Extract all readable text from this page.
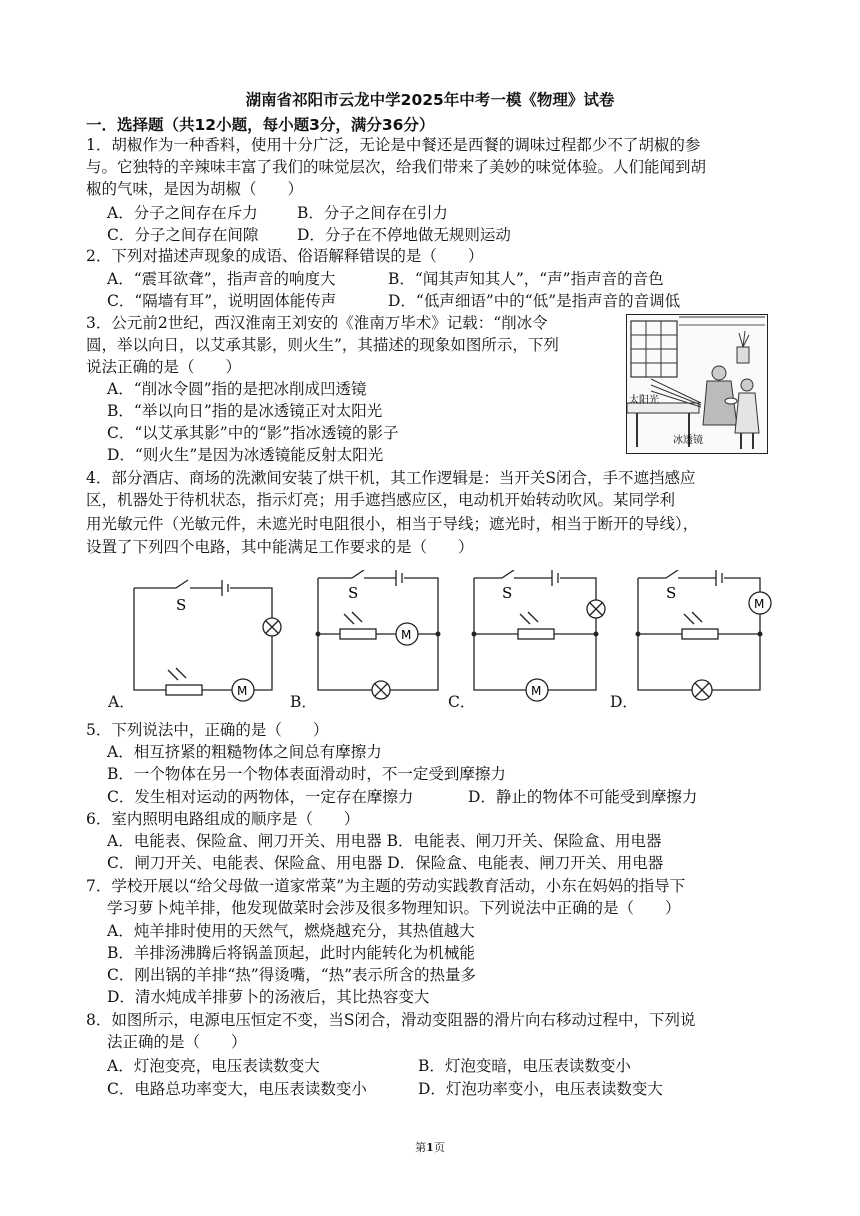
湖南省祁阳市云龙中学2025年中考一模《物理》试卷
一．选择题（共12小题，每小题3分，满分36分）
1．胡椒作为一种香料，使用十分广泛，无论是中餐还是西餐的调味过程都少不了胡椒的参
与。它独特的辛辣味丰富了我们的味觉层次，给我们带来了美妙的味觉体验。人们能闻到胡
椒的气味，是因为胡椒（　　）
A．分子之间存在斥力	B．分子之间存在引力
C．分子之间存在间隙 D．分子在不停地做无规则运动
2．下列对描述声现象的成语、俗语解释错误的是（　　）
A．“震耳欲聋”，指声音的响度大	B．“闻其声知其人”，“声”指声音的音色
C．“隔墙有耳”，说明固体能传声	D．“低声细语”中的“低”是指声音的音调低
3．公元前2世纪，西汉淮南王刘安的《淮南万毕术》记载：“削冰令
圆，举以向日，以艾承其影，则火生”，其描述的现象如图所示，下列
说法正确的是（　　）
A．“削冰令圆”指的是把冰削成凹透镜
B．“举以向日”指的是冰透镜正对太阳光
C．“以艾承其影”中的“影”指冰透镜的影子
D．“则火生”是因为冰透镜能反射太阳光
太阳光
冰透镜
4．部分酒店、商场的洗漱间安装了烘干机，其工作逻辑是：当开关S闭合，手不遮挡感应
区，机器处于待机状态，指示灯亮；用手遮挡感应区，电动机开始转动吹风。某同学利
用光敏元件（光敏元件，未遮光时电阻很小，相当于导线；遮光时，相当于断开的导线），
设置了下列四个电路，其中能满足工作要求的是（　　）
A．
S
M
B．
S
M
C．
S
M
D．
S
M
5．下列说法中，正确的是（　　）
A．相互挤紧的粗糙物体之间总有摩擦力
B．一个物体在另一个物体表面滑动时，不一定受到摩擦力
C．发生相对运动的两物体，一定存在摩擦力	D．静止的物体不可能受到摩擦力
6．室内照明电路组成的顺序是（　　）
A．电能表、保险盒、闸刀开关、用电器 B．电能表、闸刀开关、保险盒、用电器
C．闸刀开关、电能表、保险盒、用电器 D．保险盒、电能表、闸刀开关、用电器
7．学校开展以“给父母做一道家常菜”为主题的劳动实践教育活动，小东在妈妈的指导下
学习萝卜炖羊排，他发现做菜时会涉及很多物理知识。下列说法中正确的是（　　）
A．炖羊排时使用的天然气，燃烧越充分，其热值越大
B．羊排汤沸腾后将锅盖顶起，此时内能转化为机械能
C．刚出锅的羊排“热”得烫嘴，“热”表示所含的热量多
D．清水炖成羊排萝卜的汤液后，其比热容变大
8．如图所示，电源电压恒定不变，当S闭合，滑动变阻器的滑片向右移动过程中，下列说
法正确的是（　　）
A．灯泡变亮，电压表读数变大	B．灯泡变暗，电压表读数变小
C．电路总功率变大，电压表读数变小	D．灯泡功率变小，电压表读数变大
第1页
